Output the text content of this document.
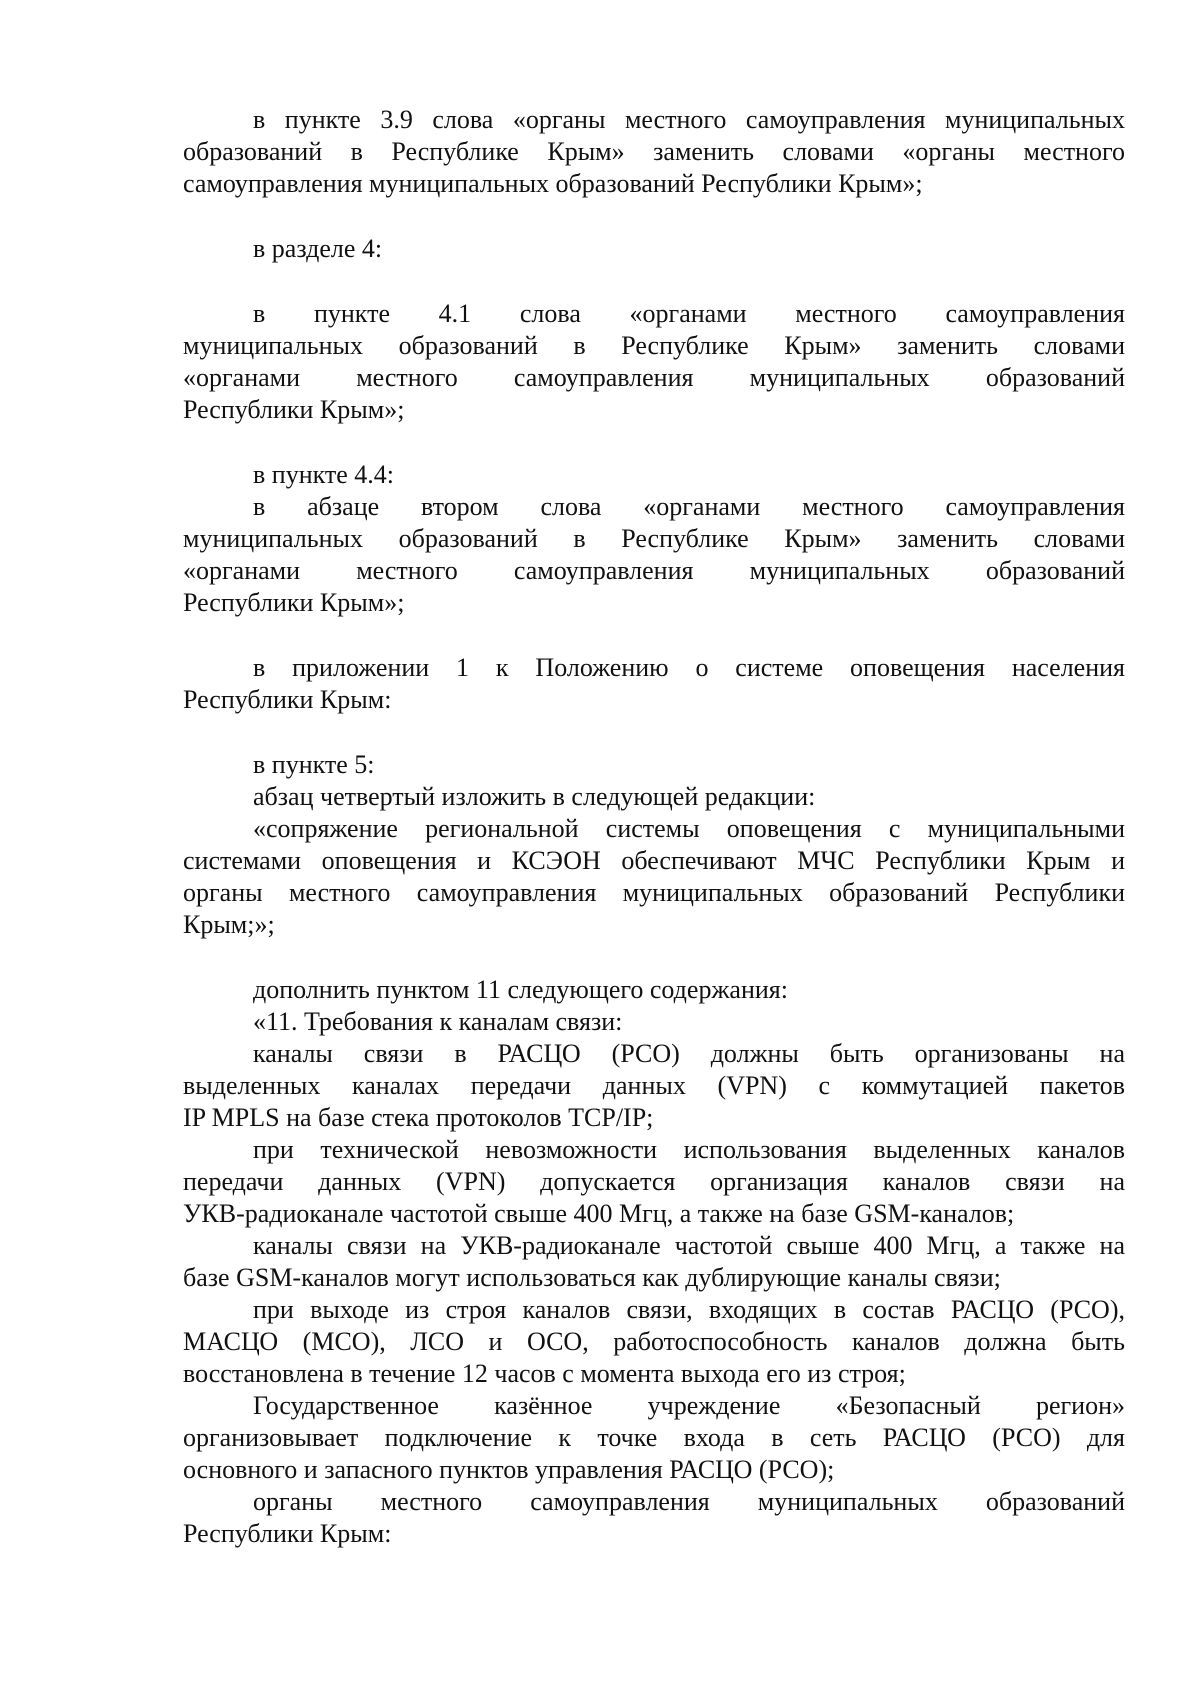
в пункте 3.9 слова «органы местного самоуправления муниципальных
образований в Республике Крым» заменить словами «органы местного
самоуправления муниципальных образований Республики Крым»;
в разделе 4:
в пункте 4.1 слова «органами местного самоуправления
муниципальных образований в Республике Крым» заменить словами
«органами местного самоуправления муниципальных образований
Республики Крым»;
в пункте 4.4:
в абзаце втором слова «органами местного самоуправления
муниципальных образований в Республике Крым» заменить словами
«органами местного самоуправления муниципальных образований
Республики Крым»;
в приложении 1 к Положению о системе оповещения населения
Республики Крым:
в пункте 5:
абзац четвертый изложить в следующей редакции:
«сопряжение региональной системы оповещения с муниципальными
системами оповещения и КСЭОН обеспечивают МЧС Республики Крым и
органы местного самоуправления муниципальных образований Республики
Крым;»;
дополнить пунктом 11 следующего содержания:
«11. Требования к каналам связи:
каналы связи в РАСЦО (РСО) должны быть организованы на
выделенных каналах передачи данных (VPN) с коммутацией пакетов
IP MPLS на базе стека протоколов TCP/IP;
при технической невозможности использования выделенных каналов
передачи данных (VPN) допускается организация каналов связи на
УКВ-радиоканале частотой свыше 400 Мгц, а также на базе GSM-каналов;
каналы связи на УКВ-радиоканале частотой свыше 400 Мгц, а также на
базе GSM-каналов могут использоваться как дублирующие каналы связи;
при выходе из строя каналов связи, входящих в состав РАСЦО (РСО),
МАСЦО (МСО), ЛСО и ОСО, работоспособность каналов должна быть
восстановлена в течение 12 часов с момента выхода его из строя;
Государственное казённое учреждение «Безопасный регион»
организовывает подключение к точке входа в сеть РАСЦО (РСО) для
основного и запасного пунктов управления РАСЦО (РСО);
органы местного самоуправления муниципальных образований
Республики Крым:
